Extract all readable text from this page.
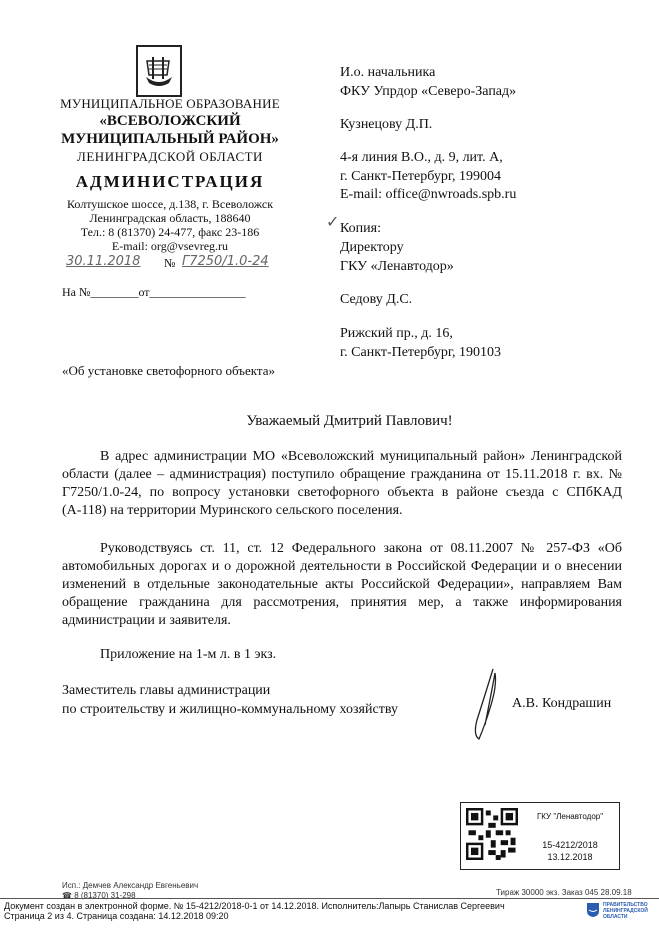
МУНИЦИПАЛЬНОЕ ОБРАЗОВАНИЕ
«ВСЕВОЛОЖСКИЙ
МУНИЦИПАЛЬНЫЙ РАЙОН»
ЛЕНИНГРАДСКОЙ ОБЛАСТИ
АДМИНИСТРАЦИЯ
Колтушское шоссе, д.138, г. Всеволожск
Ленинградская область, 188640
Тел.: 8 (81370) 24-477, факс 23-186
E-mail: org@vsevreg.ru
30.11.2018 № Г7250/1.0-24
На №________от________________
«Об установке светофорного объекта»
И.о. начальника
ФКУ Упрдор «Северо-Запад»
Кузнецову Д.П.
4-я линия В.О., д. 9, лит. А,
г. Санкт-Петербург, 199004
E-mail: office@nwroads.spb.ru
✓ Копия:
Директору
ГКУ «Ленавтодор»
Седову Д.С.
Рижский пр., д. 16,
г. Санкт-Петербург, 190103
Уважаемый Дмитрий Павлович!
В адрес администрации МО «Всеволожский муниципальный район» Ленинградской области (далее – администрация) поступило обращение гражданина от 15.11.2018 г. вх. № Г7250/1.0-24, по вопросу установки светофорного объекта в районе съезда с СПбКАД (А-118) на территории Муринского сельского поселения.
Руководствуясь ст. 11, ст. 12 Федерального закона от 08.11.2007 № 257-ФЗ «Об автомобильных дорогах и о дорожной деятельности в Российской Федерации и о внесении изменений в отдельные законодательные акты Российской Федерации», направляем Вам обращение гражданина для рассмотрения, принятия мер, а также информирования администрации и заявителя.
Приложение на 1-м л. в 1 экз.
Заместитель главы администрации
по строительству и жилищно-коммунальному хозяйству	А.В. Кондрашин
ГКУ "Ленавтодор"
15-4212/2018
13.12.2018
Исп.: Демчев Александр Евгеньевич
☎ 8 (81370) 31-298	Тираж 30000 экз. Заказ 045 28.09.18
Документ создан в электронной форме. № 15-4212/2018-0-1 от 14.12.2018. Исполнитель:Лапырь Станислав Сергеевич
Страница 2 из 4. Страница создана: 14.12.2018 09:20
ПРАВИТЕЛЬСТВО ЛЕНИНГРАДСКОЙ ОБЛАСТИ
